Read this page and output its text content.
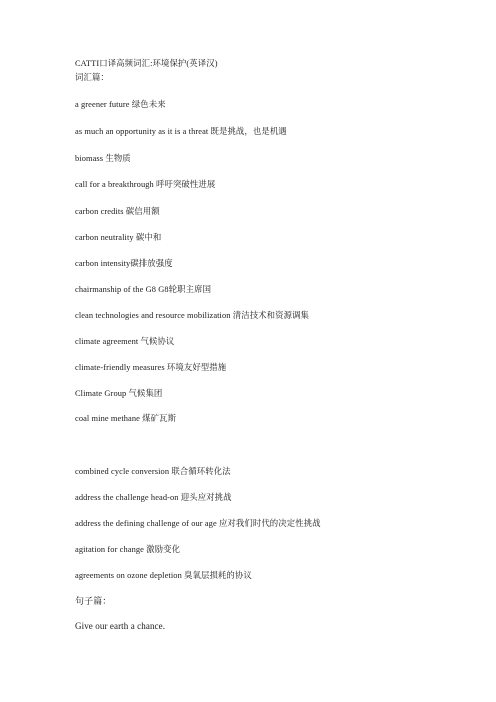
CATTI口译高频词汇:环境保护(英译汉)
词汇篇：
a greener future 绿色未来
as much an opportunity as it is a threat 既是挑战，也是机遇
biomass 生物质
call for a breakthrough 呼吁突破性进展
carbon credits 碳信用额
carbon neutrality 碳中和
carbon intensity碳排放强度
chairmanship of the G8 G8轮职主席国
clean technologies and resource mobilization 清洁技术和资源调集
climate agreement 气候协议
climate-friendly measures 环境友好型措施
Climate Group 气候集团
coal mine methane 煤矿瓦斯
combined cycle conversion 联合循环转化法
address the challenge head-on 迎头应对挑战
address the defining challenge of our age 应对我们时代的决定性挑战
agitation for change 激励变化
agreements on ozone depletion 臭氧层损耗的协议
句子篇：
Give our earth a chance.
